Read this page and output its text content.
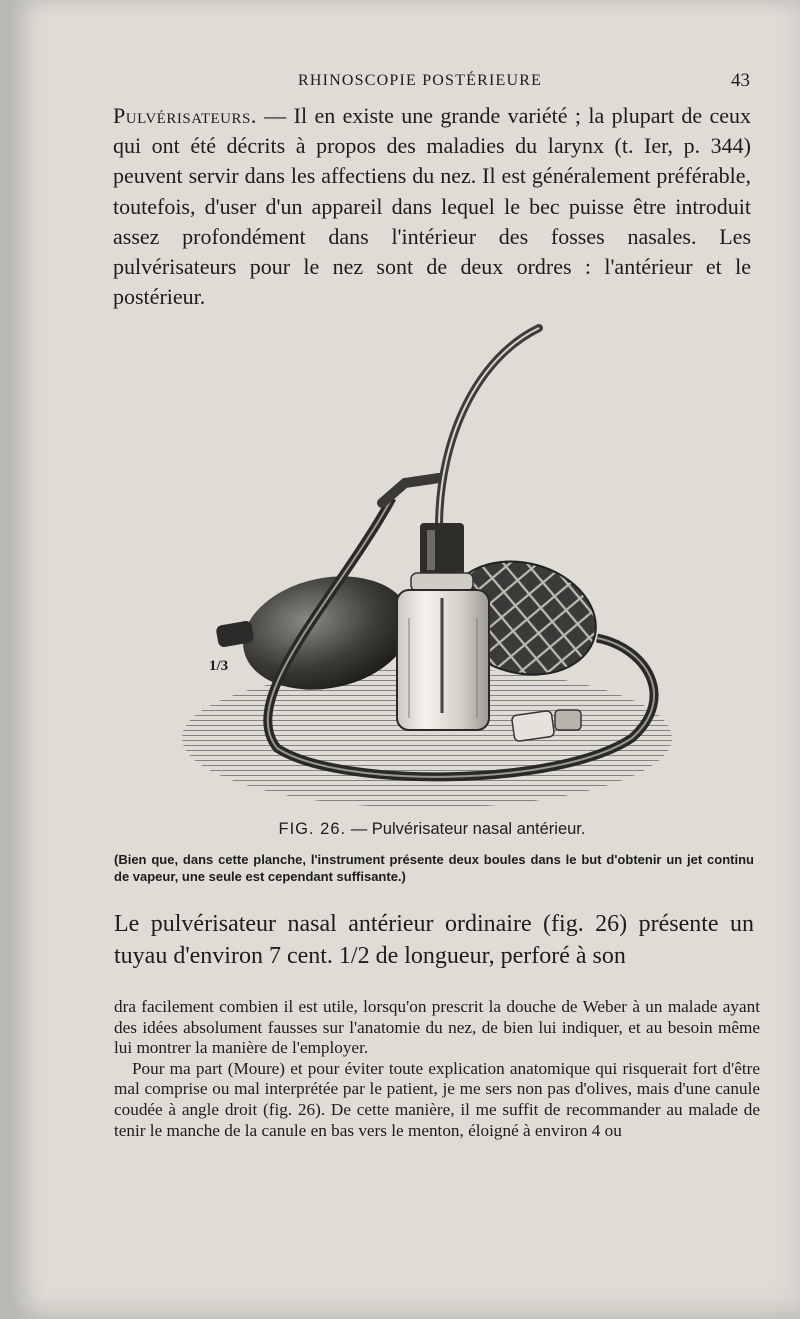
RHINOSCOPIE POSTÉRIEURE	43

Pulvérisateurs. — Il en existe une grande variété ; la plupart de ceux qui ont été décrits à propos des maladies du larynx (t. Ier, p. 344) peuvent servir dans les affectiens du nez. Il est généralement préférable, toutefois, d'user d'un appareil dans lequel le bec puisse être introduit assez profondément dans l'intérieur des fosses nasales. Les pulvérisateurs pour le nez sont de deux ordres : l'antérieur et le postérieur.

1/3
FIG. 26. — Pulvérisateur nasal antérieur.

(Bien que, dans cette planche, l'instrument présente deux boules dans le but d'obtenir un jet continu de vapeur, une seule est cependant suffisante.)

Le pulvérisateur nasal antérieur ordinaire (fig. 26) présente un tuyau d'environ 7 cent. 1/2 de longueur, perforé à son

dra facilement combien il est utile, lorsqu'on prescrit la douche de Weber à un malade ayant des idées absolument fausses sur l'anatomie du nez, de bien lui indiquer, et au besoin même lui montrer la manière de l'employer.

Pour ma part (Moure) et pour éviter toute explication anatomique qui risquerait fort d'être mal comprise ou mal interprétée par le patient, je me sers non pas d'olives, mais d'une canule coudée à angle droit (fig. 26). De cette manière, il me suffit de recommander au malade de tenir le manche de la canule en bas vers le menton, éloigné à environ 4 ou
